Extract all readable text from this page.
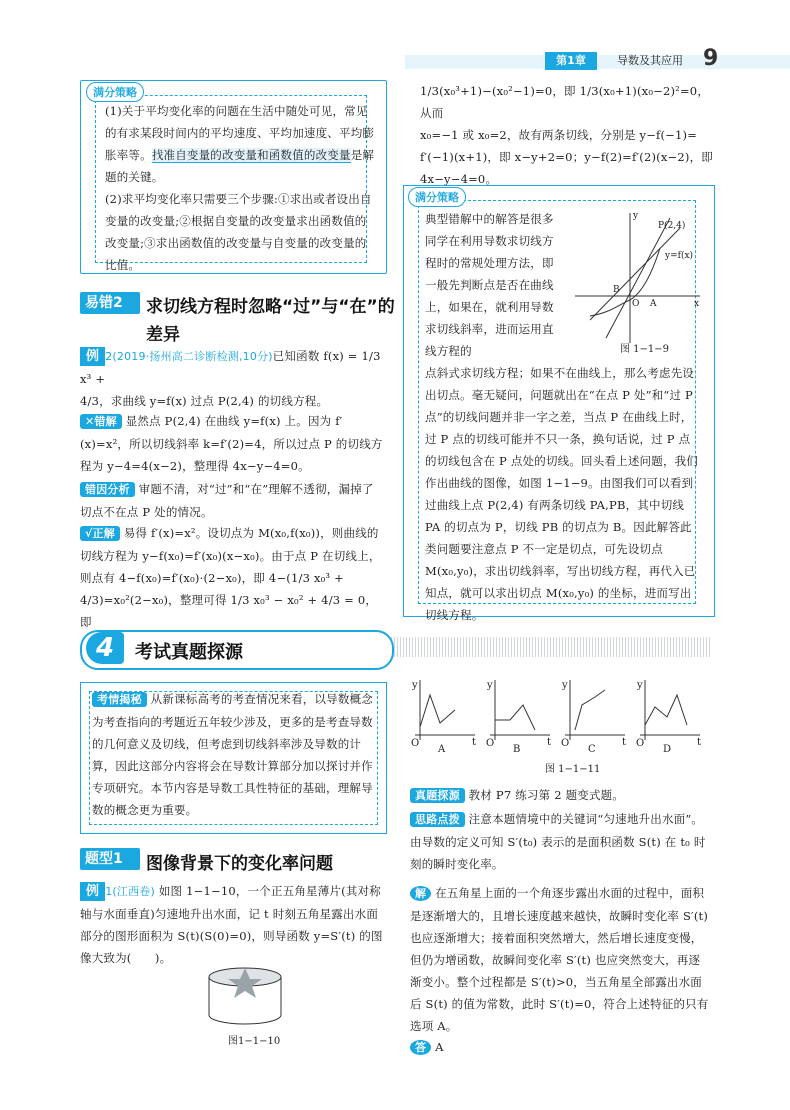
第1章	导数及其应用 9
满分策略
(1)关于平均变化率的问题在生活中随处可见，常见的有求某段时间内的平均速度、平均加速度、平均膨胀率等。找准自变量的改变量和函数值的改变量是解题的关键。
(2)求平均变化率只需要三个步骤:①求出或者设出自变量的改变量;②根据自变量的改变量求出函数值的改变量;③求出函数值的改变量与自变量的改变量的比值。
易错2	求切线方程时忽略“过”与“在”的
差异
例 2(2019·扬州高二诊断检测,10分)已知函数 f(x) = 1/3 x³ +
4/3，求曲线 y=f(x) 过点 P(2,4) 的切线方程。
✕错解 显然点 P(2,4) 在曲线 y=f(x) 上。因为 f′(x)=x²，所以切线斜率 k=f′(2)=4，所以过点 P 的切线方程为 y−4=4(x−2)，整理得 4x−y−4=0。
错因分析 审题不清，对“过”和“在”理解不透彻，漏掉了切点不在点 P 处的情况。
√正解 易得 f′(x)=x²。设切点为 M(x₀,f(x₀))，则曲线的切线方程为 y−f(x₀)=f′(x₀)(x−x₀)。由于点 P 在切线上，则点有 4−f(x₀)=f′(x₀)·(2−x₀)，即 4−(1/3 x₀³ + 4/3)=x₀²(2−x₀)，整理可得 1/3 x₀³ − x₀² + 4/3 = 0，即
1/3(x₀³+1)−(x₀²−1)=0，即 1/3(x₀+1)(x₀−2)²=0，从而
x₀=−1 或 x₀=2，故有两条切线，分别是 y−f(−1)=
f′(−1)(x+1)，即 x−y+2=0；y−f(2)=f′(2)(x−2)，即
4x−y−4=0。
满分策略
P(2,4)
y=f(x)
B
A
O	x
y
图 1−1−9
典型错解中的解答是很多同学在利用导数求切线方程时的常规处理方法，即一般先判断点是否在曲线上，如果在，就利用导数求切线斜率，进而运用直线方程的
点斜式求切线方程；如果不在曲线上，那么考虑先设出切点。毫无疑问，问题就出在“在点 P 处”和“过 P 点”的切线问题并非一字之差，当点 P 在曲线上时，过 P 点的切线可能并不只一条，换句话说，过 P 点的切线包含在 P 点处的切线。回头看上述问题，我们作出曲线的图像，如图 1−1−9。由图我们可以看到过曲线上点 P(2,4) 有两条切线 PA,PB，其中切线 PA 的切点为 P，切线 PB 的切点为 B。因此解答此类问题要注意点 P 不一定是切点，可先设切点 M(x₀,y₀)，求出切线斜率，写出切线方程，再代入已知点，就可以求出切点 M(x₀,y₀) 的坐标，进而写出切线方程。
4	考试真题探源
考情揭秘 从新课标高考的考查情况来看，以导数概念为考查指向的考题近五年较少涉及，更多的是考查导数的几何意义及切线，但考虑到切线斜率涉及导数的计算，因此这部分内容将会在导数计算部分加以探讨并作专项研究。本节内容是导数工具性特征的基础，理解导数的概念更为重要。
题型1	图像背景下的变化率问题
例 1(江西卷) 如图 1−1−10，一个正五角星薄片(其对称轴与水面垂直)匀速地升出水面，记 t 时刻五角星露出水面部分的图形面积为 S(t)(S(0)=0)，则导函数 y=S′(t) 的图像大致为(　　)。
图1−1−10
A
y
t
O
B
y
t
O
C
y
t
O
D
y
t
O
图 1−1−11
真题探源 教材 P7 练习第 2 题变式题。
思路点拨 注意本题情境中的关键词“匀速地升出水面”。由导数的定义可知 S′(t₀) 表示的是面积函数 S(t) 在 t₀ 时刻的瞬时变化率。
解 在五角星上面的一个角逐步露出水面的过程中，面积是逐渐增大的，且增长速度越来越快，故瞬时变化率 S′(t) 也应逐渐增大；接着面积突然增大，然后增长速度变慢，但仍为增函数，故瞬间变化率 S′(t) 也应突然变大，再逐渐变小。整个过程都是 S′(t)>0，当五角星全部露出水面后 S(t) 的值为常数，此时 S′(t)=0，符合上述特征的只有选项 A。
答 A
